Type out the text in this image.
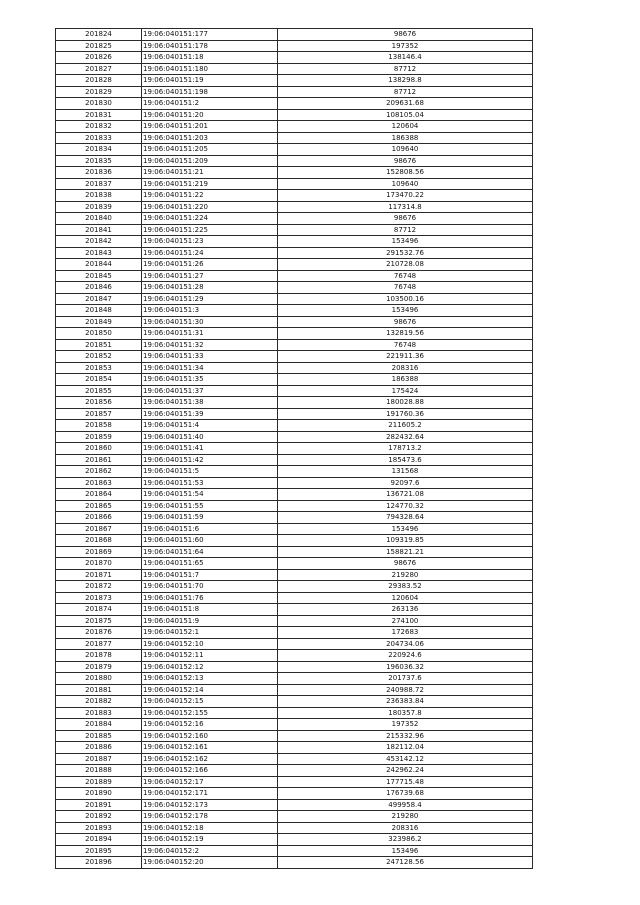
201824	19:06:040151:177	98676
201825	19:06:040151:178	197352
201826	19:06:040151:18	138146.4
201827	19:06:040151:180	87712
201828	19:06:040151:19	138298.8
201829	19:06:040151:198	87712
201830	19:06:040151:2	209631.68
201831	19:06:040151:20	108105.04
201832	19:06:040151:201	120604
201833	19:06:040151:203	186388
201834	19:06:040151:205	109640
201835	19:06:040151:209	98676
201836	19:06:040151:21	152808.56
201837	19:06:040151:219	109640
201838	19:06:040151:22	173470.22
201839	19:06:040151:220	117314.8
201840	19:06:040151:224	98676
201841	19:06:040151:225	87712
201842	19:06:040151:23	153496
201843	19:06:040151:24	291532.76
201844	19:06:040151:26	210728.08
201845	19:06:040151:27	76748
201846	19:06:040151:28	76748
201847	19:06:040151:29	103500.16
201848	19:06:040151:3	153496
201849	19:06:040151:30	98676
201850	19:06:040151:31	132819.56
201851	19:06:040151:32	76748
201852	19:06:040151:33	221911.36
201853	19:06:040151:34	208316
201854	19:06:040151:35	186388
201855	19:06:040151:37	175424
201856	19:06:040151:38	180028.88
201857	19:06:040151:39	191760.36
201858	19:06:040151:4	211605.2
201859	19:06:040151:40	282432.64
201860	19:06:040151:41	178713.2
201861	19:06:040151:42	185473.6
201862	19:06:040151:5	131568
201863	19:06:040151:53	92097.6
201864	19:06:040151:54	136721.08
201865	19:06:040151:55	124770.32
201866	19:06:040151:59	794328.64
201867	19:06:040151:6	153496
201868	19:06:040151:60	109319.85
201869	19:06:040151:64	158821.21
201870	19:06:040151:65	98676
201871	19:06:040151:7	219280
201872	19:06:040151:70	29383.52
201873	19:06:040151:76	120604
201874	19:06:040151:8	263136
201875	19:06:040151:9	274100
201876	19:06:040152:1	172683
201877	19:06:040152:10	204734.06
201878	19:06:040152:11	220924.6
201879	19:06:040152:12	196036.32
201880	19:06:040152:13	201737.6
201881	19:06:040152:14	240988.72
201882	19:06:040152:15	236383.84
201883	19:06:040152:155	180357.8
201884	19:06:040152:16	197352
201885	19:06:040152:160	215332.96
201886	19:06:040152:161	182112.04
201887	19:06:040152:162	453142.12
201888	19:06:040152:166	242962.24
201889	19:06:040152:17	177715.48
201890	19:06:040152:171	176739.68
201891	19:06:040152:173	499958.4
201892	19:06:040152:178	219280
201893	19:06:040152:18	208316
201894	19:06:040152:19	323986.2
201895	19:06:040152:2	153496
201896	19:06:040152:20	247128.56
